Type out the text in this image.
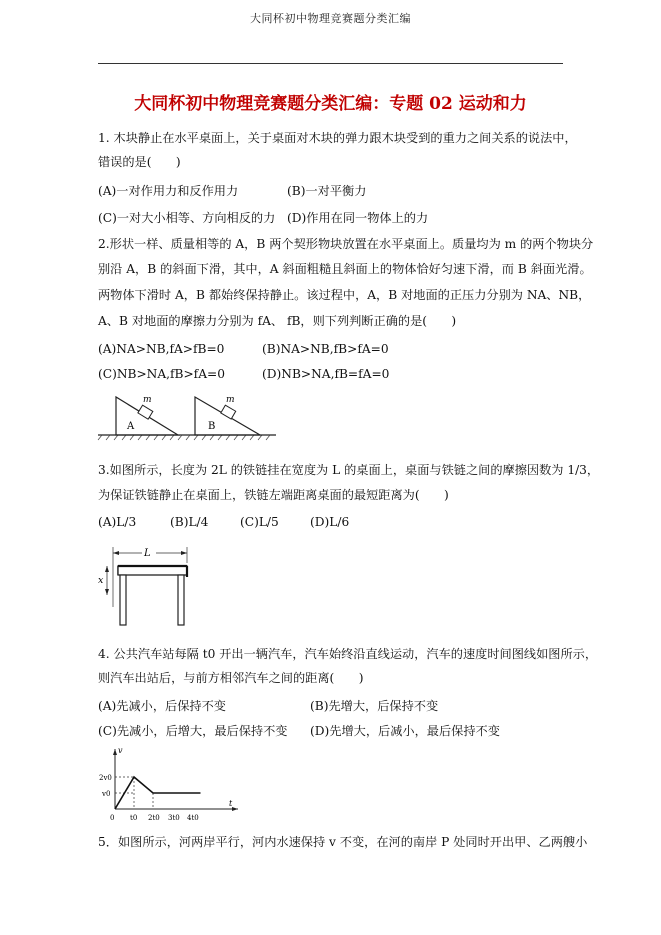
大同杯初中物理竞赛题分类汇编
大同杯初中物理竞赛题分类汇编：专题 02 运动和力
1. 木块静止在水平桌面上，关于桌面对木块的弹力跟木块受到的重力之间关系的说法中，
错误的是(　　)
(A)一对作用力和反作用力	(B)一对平衡力
(C)一对大小相等、方向相反的力 (D)作用在同一物体上的力
2.形状一样、质量相等的 A，B 两个契形物块放置在水平桌面上。质量均为 m 的两个物块分
别沿 A，B 的斜面下滑，其中，A 斜面粗糙且斜面上的物体恰好匀速下滑，而 B 斜面光滑。
两物体下滑时 A，B 都始终保持静止。该过程中，A，B 对地面的正压力分别为 NA、NB，
A、B 对地面的摩擦力分别为 fA、 fB，则下列判断正确的是(　　)
(A)NA>NB,fA>fB=0	(B)NA>NB,fB>fA=0
(C)NB>NA,fB>fA=0	(D)NB>NA,fB=fA=0
m
A
m
B
3.如图所示，长度为 2L 的铁链挂在宽度为 L 的桌面上，桌面与铁链之间的摩擦因数为 1/3，
为保证铁链静止在桌面上，铁链左端距离桌面的最短距离为(　　)
(A)L/3	(B)L/4	(C)L/5	(D)L/6
L
x
4. 公共汽车站每隔 t0 开出一辆汽车，汽车始终沿直线运动，汽车的速度时间图线如图所示，
则汽车出站后，与前方相邻汽车之间的距离(　　)
(A)先减小，后保持不变	(B)先增大，后保持不变
(C)先减小，后增大，最后保持不变 (D)先增大，后减小，最后保持不变
v
t
0
2v0
v0
t0 2t0 3t0 4t0
5．如图所示，河两岸平行，河内水速保持 v 不变，在河的南岸 P 处同时开出甲、乙两艘小
